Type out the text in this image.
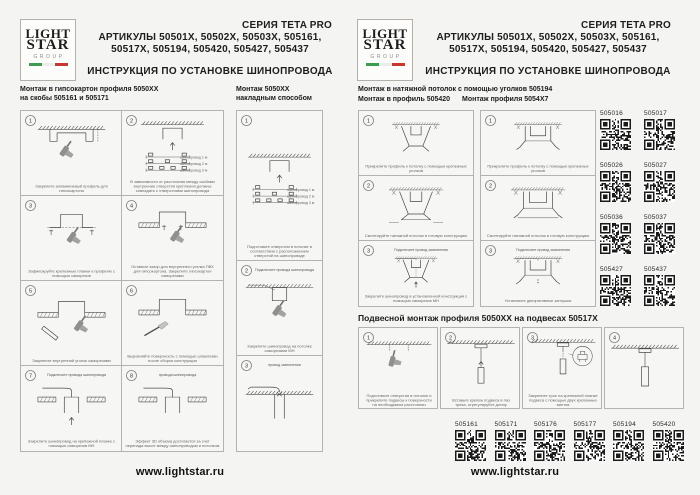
LIGHT
STAR
GROUP
СЕРИЯ TETA PRO
АРТИКУЛЫ 50501X, 50502X, 50503X, 505161,
50517X, 505194, 505420, 505427, 505437
ИНСТРУКЦИЯ ПО УСТАНОВКЕ ШИНОПРОВОДА
Монтаж в гипсокартон профиля 5050XX
на скобы 505161 и 505171
Монтаж 5050XX
накладным способом
1
Закрепите алюминиевый профиль для
гипсокартона
2
шинопровод 1 м
шинопровод 2 м
шинопровод 3 м
В зависимости от расстояния между скобами
внутренние отверстия крепления должны
совпадать с отверстиями шинопровода
3
Зафиксируйте крепежные планки к профилю с
помощью саморезов
4
Оставьте зазор для внутреннего уголка ПВХ
для гипсокартона. Закрепите гипсокартон
саморезами
5
Закрепите внутренний уголок саморезами
6
Выровняйте поверхность с помощью шпаклевки
после сборки конструкции
7	Подключите провода шинопровода
Закрепите шинопровод на крепежной планке с
помощью саморезов МН
8	провода шинопровода
Эффект 3D объема достигается за счет
перепада высот между шинопроводом и потолком
1
шинопровод 1 м
шинопровод 2 м
шинопровод 3 м
Подготовьте отверстия в потолке в
соответствии с расположением
отверстий на шинопроводе
2 Подключите провода шинопровода
Закрепите шинопровод на потолке
саморезами МН
3	провод заземления
www.lightstar.ru
LIGHT
STAR
GROUP
СЕРИЯ TETA PRO
АРТИКУЛЫ 50501X, 50502X, 50503X, 505161,
50517X, 505194, 505420, 505427, 505437
ИНСТРУКЦИЯ ПО УСТАНОВКЕ ШИНОПРОВОДА
Монтаж в натяжной потолок с помощью уголков 505194
Монтаж в профиль 505420 Монтаж профиля 5054X7
1
Прикрепите профиль к потолку с помощью крепежных
уголков
2
Смонтируйте натяжной потолок в готовую конструкцию
3	Подключите провод заземления
Закрепите шинопровод в установленной конструкции с
помощью саморезов МН
1
Прикрепите профиль к потолку с помощью крепежных
уголков
2
Смонтируйте натяжной потолок в готовую конструкцию
3	Подключите провод заземления
Установите декоративные заглушки
505016	505017
505026	505027
505036	505037
505427	505437
Подвесной монтаж профиля 5050XX на подвесах 50517X
1
Подготовьте отверстия в потолке и
прикрепите подвесы к поверхности
на необходимом расстоянии
2
Вставьте крепеж подвеса в паз
трека, отрегулируйте длину
3
Закрепите трос на крепежной планке
подвеса с помощью двух крепежных
винтов
4
505161	505171	505176	505177	505194	505420
www.lightstar.ru
